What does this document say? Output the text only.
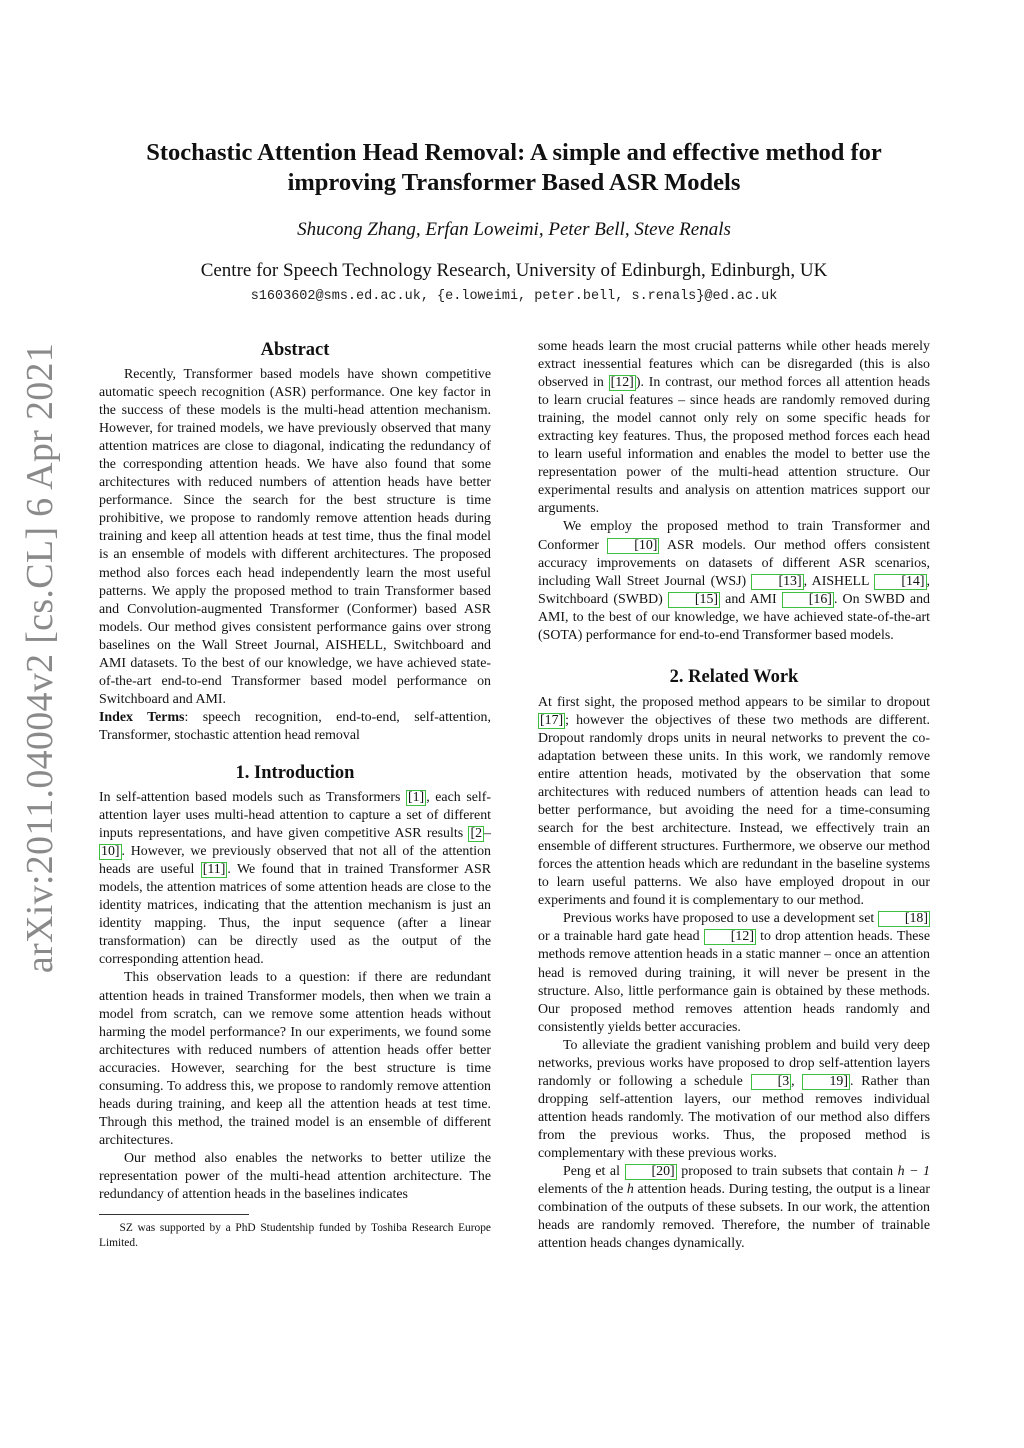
arXiv:2011.04004v2 [cs.CL] 6 Apr 2021
Stochastic Attention Head Removal: A simple and effective method for
improving Transformer Based ASR Models
Shucong Zhang, Erfan Loweimi, Peter Bell, Steve Renals
Centre for Speech Technology Research, University of Edinburgh, Edinburgh, UK
s1603602@sms.ed.ac.uk, {e.loweimi, peter.bell, s.renals}@ed.ac.uk
Abstract

Recently, Transformer based models have shown competitive automatic speech recognition (ASR) performance. One key factor in the success of these models is the multi-head attention mechanism. However, for trained models, we have previously observed that many attention matrices are close to diagonal, indicating the redundancy of the corresponding attention heads. We have also found that some architectures with reduced numbers of attention heads have better performance. Since the search for the best structure is time prohibitive, we propose to randomly remove attention heads during training and keep all attention heads at test time, thus the final model is an ensemble of models with different architectures. The proposed method also forces each head independently learn the most useful patterns. We apply the proposed method to train Transformer based and Convolution-augmented Transformer (Conformer) based ASR models. Our method gives consistent performance gains over strong baselines on the Wall Street Journal, AISHELL, Switchboard and AMI datasets. To the best of our knowledge, we have achieved state-of-the-art end-to-end Transformer based model performance on Switchboard and AMI.

Index Terms: speech recognition, end-to-end, self-attention, Transformer, stochastic attention head removal

1. Introduction

In self-attention based models such as Transformers [1] , each self-attention layer uses multi-head attention to capture a set of different inputs representations, and have given competitive ASR results [2 –10] . However, we previously observed that not all of the attention heads are useful [11] . We found that in trained Transformer ASR models, the attention matrices of some attention heads are close to the identity matrices, indicating that the attention mechanism is just an identity mapping. Thus, the input sequence (after a linear transformation) can be directly used as the output of the corresponding attention head.

This observation leads to a question: if there are redundant attention heads in trained Transformer models, then when we train a model from scratch, can we remove some attention heads without harming the model performance? In our experiments, we found some architectures with reduced numbers of attention heads offer better accuracies. However, searching for the best structure is time consuming. To address this, we propose to randomly remove attention heads during training, and keep all the attention heads at test time. Through this method, the trained model is an ensemble of different architectures.

Our method also enables the networks to better utilize the representation power of the multi-head attention architecture. The redundancy of attention heads in the baselines indicates

SZ was supported by a PhD Studentship funded by Toshiba Research Europe Limited.

some heads learn the most crucial patterns while other heads merely extract inessential features which can be disregarded (this is also observed in [12] ). In contrast, our method forces all attention heads to learn crucial features – since heads are randomly removed during training, the model cannot only rely on some specific heads for extracting key features. Thus, the proposed method forces each head to learn useful information and enables the model to better use the representation power of the multi-head attention structure. Our experimental results and analysis on attention matrices support our arguments.

We employ the proposed method to train Transformer and Conformer [10] ASR models. Our method offers consistent accuracy improvements on datasets of different ASR scenarios, including Wall Street Journal (WSJ) [13] , AISHELL [14] , Switchboard (SWBD) [15] and AMI [16] . On SWBD and AMI, to the best of our knowledge, we have achieved state-of-the-art (SOTA) performance for end-to-end Transformer based models.

2. Related Work

At first sight, the proposed method appears to be similar to dropout [17] ; however the objectives of these two methods are different. Dropout randomly drops units in neural networks to prevent the co-adaptation between these units. In this work, we randomly remove entire attention heads, motivated by the observation that some architectures with reduced numbers of attention heads can lead to better performance, but avoiding the need for a time-consuming search for the best architecture. Instead, we effectively train an ensemble of different structures. Furthermore, we observe our method forces the attention heads which are redundant in the baseline systems to learn useful patterns. We also have employed dropout in our experiments and found it is complementary to our method.

Previous works have proposed to use a development set [18] or a trainable hard gate head [12] to drop attention heads. These methods remove attention heads in a static manner – once an attention head is removed during training, it will never be present in the structure. Also, little performance gain is obtained by these methods. Our proposed method removes attention heads randomly and consistently yields better accuracies.

To alleviate the gradient vanishing problem and build very deep networks, previous works have proposed to drop self-attention layers randomly or following a schedule [3 , 19] . Rather than dropping self-attention layers, our method removes individual attention heads randomly. The motivation of our method also differs from the previous works. Thus, the proposed method is complementary with these previous works.

Peng et al [20] proposed to train subsets that contain h − 1 elements of the h attention heads. During testing, the output is a linear combination of the outputs of these subsets. In our work, the attention heads are randomly removed. Therefore, the number of trainable attention heads changes dynamically.
